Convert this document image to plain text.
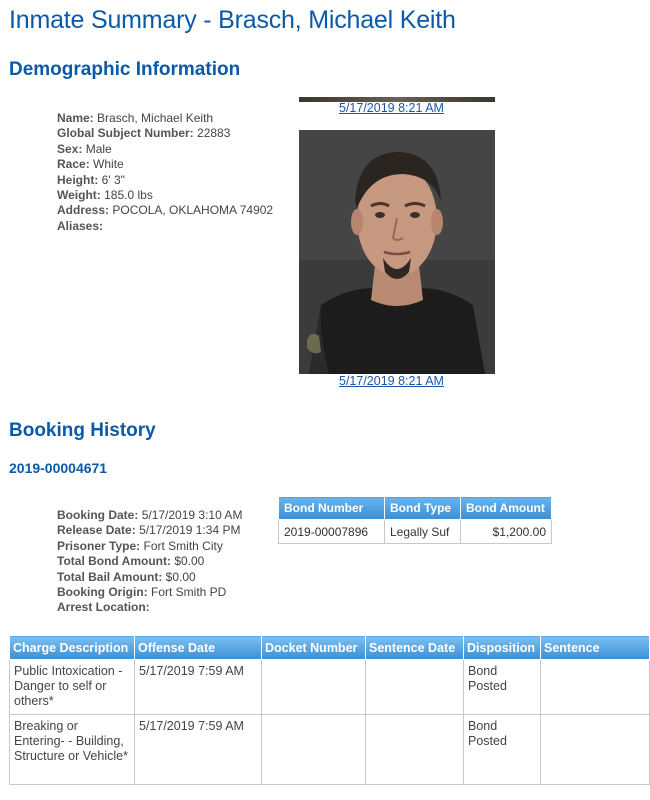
Inmate Summary - Brasch, Michael Keith
Demographic Information
Name: Brasch, Michael Keith
Global Subject Number: 22883
Sex: Male
Race: White
Height: 6' 3"
Weight: 185.0 lbs
Address: POCOLA, OKLAHOMA 74902
Aliases:
5/17/2019 8:21 AM
5/17/2019 8:21 AM
Booking History
2019-00004671
Booking Date: 5/17/2019 3:10 AM
Release Date: 5/17/2019 1:34 PM
Prisoner Type: Fort Smith City
Total Bond Amount: $0.00
Total Bail Amount: $0.00
Booking Origin: Fort Smith PD
Arrest Location:
Bond Number	Bond Type	Bond Amount
2019-00007896	Legally Suf	$1,200.00
Charge Description	Offense Date	Docket Number	Sentence Date	Disposition	Sentence
Public Intoxication - Danger to self or others*	5/17/2019 7:59 AM			Bond Posted	
Breaking or Entering- - Building, Structure or Vehicle*	5/17/2019 7:59 AM			Bond Posted	
